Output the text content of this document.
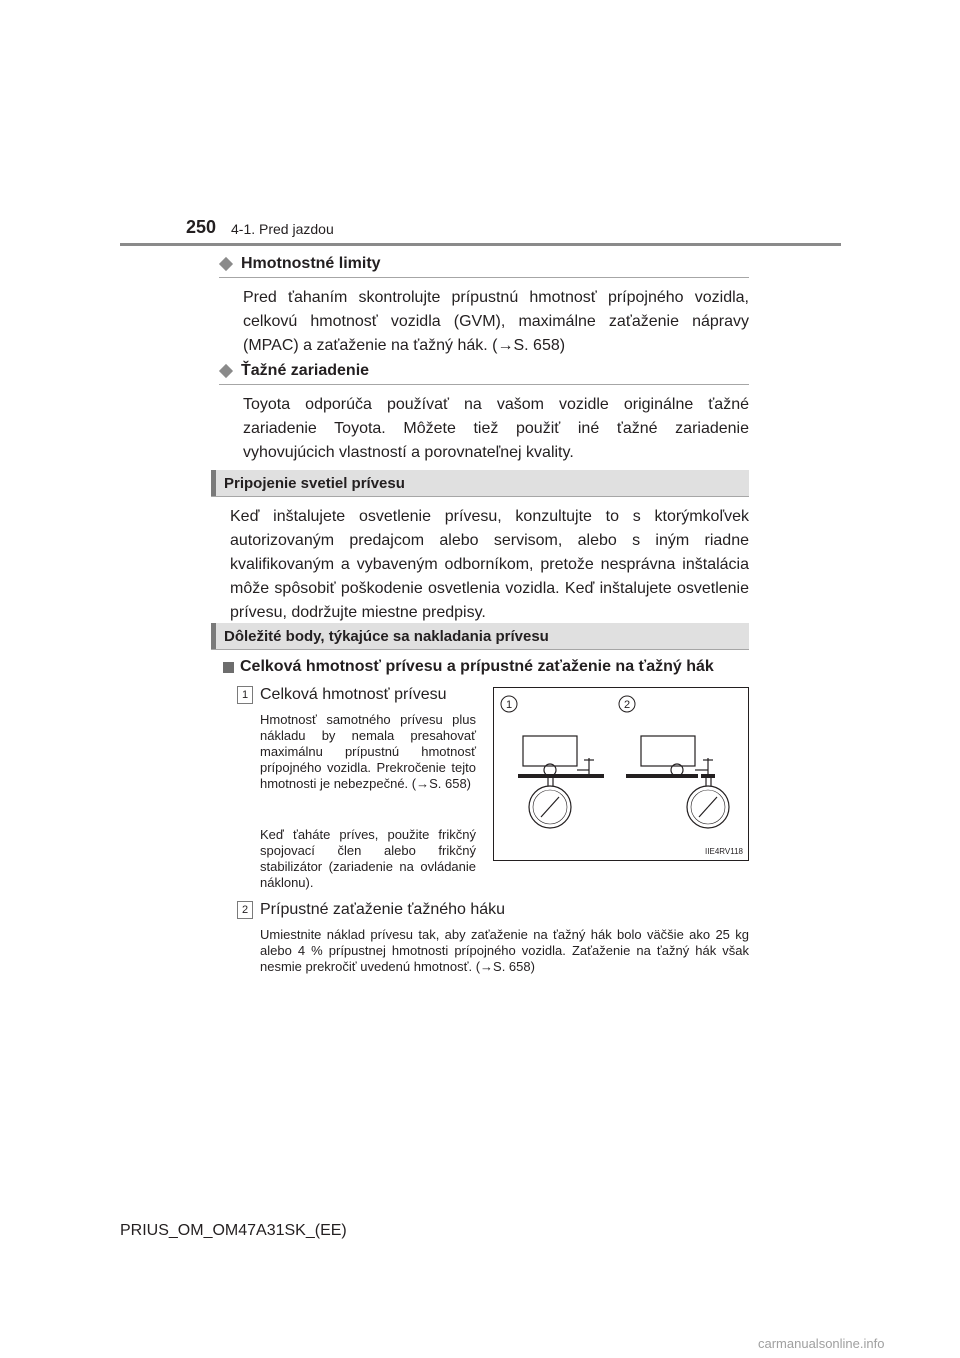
250 4-1. Pred jazdou
Hmotnostné limity
Pred ťahaním skontrolujte prípustnú hmotnosť prípojného vozidla, celkovú hmotnosť vozidla (GVM), maximálne zaťaženie nápravy (MPAC) a zaťaženie na ťažný hák. (→S. 658)
Ťažné zariadenie
Toyota odporúča používať na vašom vozidle originálne ťažné zariadenie Toyota. Môžete tiež použiť iné ťažné zariadenie vyhovujúcich vlastností a porovnateľnej kvality.
Pripojenie svetiel prívesu
Keď inštalujete osvetlenie prívesu, konzultujte to s ktorýmkoľvek autorizovaným predajcom alebo servisom, alebo s iným riadne kvalifikovaným a vybaveným odborníkom, pretože nesprávna inštalácia môže spôsobiť poškodenie osvetlenia vozidla. Keď inštalujete osvetlenie prívesu, dodržujte miestne predpisy.
Dôležité body, týkajúce sa nakladania prívesu
Celková hmotnosť prívesu a prípustné zaťaženie na ťažný hák
1 Celková hmotnosť prívesu
Hmotnosť samotného prívesu plus nákladu by nemala presahovať maximálnu prípustnú hmotnosť prípojného vozidla. Prekročenie tejto hmotnosti je nebezpečné. (→S. 658)
Keď ťaháte príves, použite frikčný spojovací člen alebo frikčný stabilizátor (zariadenie na ovládanie náklonu).
1	2
IIE4RV118
2 Prípustné zaťaženie ťažného háku
Umiestnite náklad prívesu tak, aby zaťaženie na ťažný hák bolo väčšie ako 25 kg alebo 4 % prípustnej hmotnosti prípojného vozidla. Zaťaženie na ťažný hák však nesmie prekročiť uvedenú hmotnosť. (→S. 658)
PRIUS_OM_OM47A31SK_(EE)
carmanualsonline.info
